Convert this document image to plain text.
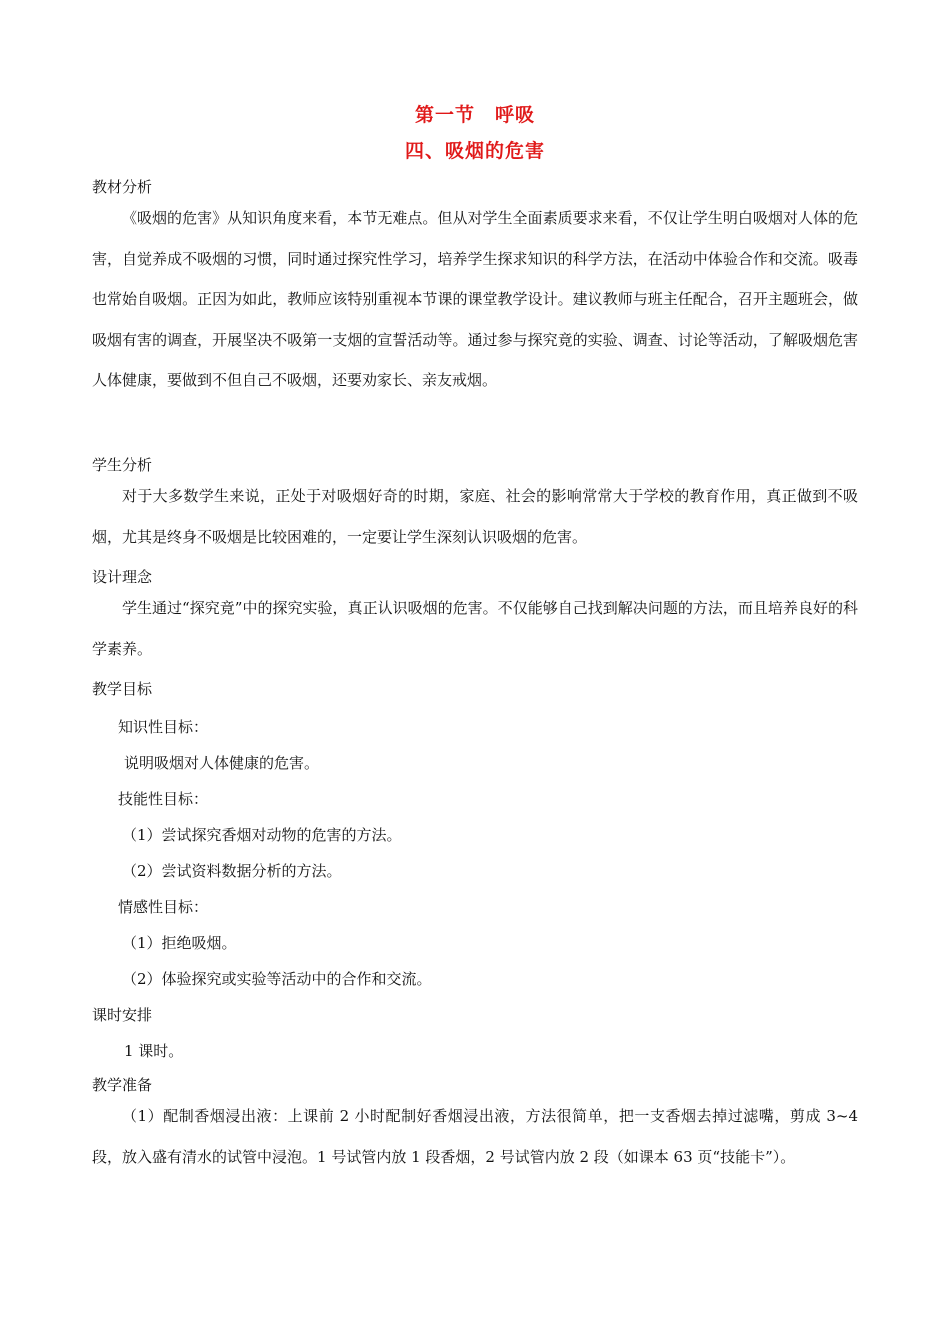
第一节　呼吸
四、吸烟的危害
教材分析

《吸烟的危害》从知识角度来看，本节无难点。但从对学生全面素质要求来看，不仅让学生明白吸烟对人体的危害，自觉养成不吸烟的习惯，同时通过探究性学习，培养学生探求知识的科学方法，在活动中体验合作和交流。吸毒也常始自吸烟。正因为如此，教师应该特别重视本节课的课堂教学设计。建议教师与班主任配合，召开主题班会，做吸烟有害的调查，开展坚决不吸第一支烟的宣誓活动等。通过参与探究竟的实验、调查、讨论等活动，了解吸烟危害人体健康，要做到不但自己不吸烟，还要劝家长、亲友戒烟。

学生分析

对于大多数学生来说，正处于对吸烟好奇的时期，家庭、社会的影响常常大于学校的教育作用，真正做到不吸烟，尤其是终身不吸烟是比较困难的，一定要让学生深刻认识吸烟的危害。

设计理念

学生通过“探究竟”中的探究实验，真正认识吸烟的危害。不仅能够自己找到解决问题的方法，而且培养良好的科学素养。

教学目标
知识性目标：
说明吸烟对人体健康的危害。
技能性目标：
（1）尝试探究香烟对动物的危害的方法。
（2）尝试资料数据分析的方法。
情感性目标：
（1）拒绝吸烟。
（2）体验探究或实验等活动中的合作和交流。
课时安排
1 课时。
教学准备

（1）配制香烟浸出液：上课前 2 小时配制好香烟浸出液，方法很简单，把一支香烟去掉过滤嘴，剪成 3~4 段，放入盛有清水的试管中浸泡。1 号试管内放 1 段香烟，2 号试管内放 2 段（如课本 63 页“技能卡”）。
